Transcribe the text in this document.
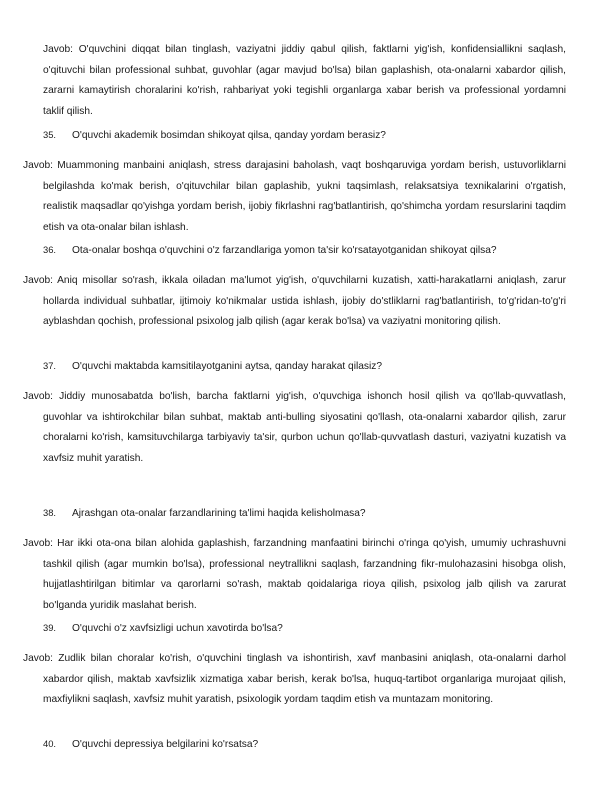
Javob: O'quvchini diqqat bilan tinglash, vaziyatni jiddiy qabul qilish, faktlarni yig'ish, konfidensiallikni saqlash, o'qituvchi bilan professional suhbat, guvohlar (agar mavjud bo'lsa) bilan gaplashish, ota-onalarni xabardor qilish, zararni kamaytirish choralarini ko'rish, rahbariyat yoki tegishli organlarga xabar berish va professional yordamni taklif qilish.
35. O'quvchi akademik bosimdan shikoyat qilsa, qanday yordam berasiz?
Javob: Muammoning manbaini aniqlash, stress darajasini baholash, vaqt boshqaruviga yordam berish, ustuvorliklarni belgilashda ko'mak berish, o'qituvchilar bilan gaplashib, yukni taqsimlash, relaksatsiya texnikalarini o'rgatish, realistik maqsadlar qo'yishga yordam berish, ijobiy fikrlashni rag'batlantirish, qo'shimcha yordam resurslarini taqdim etish va ota-onalar bilan ishlash.
36. Ota-onalar boshqa o'quvchini o'z farzandlariga yomon ta'sir ko'rsatayotganidan shikoyat qilsa?
Javob: Aniq misollar so'rash, ikkala oiladan ma'lumot yig'ish, o'quvchilarni kuzatish, xatti-harakatlarni aniqlash, zarur hollarda individual suhbatlar, ijtimoiy ko'nikmalar ustida ishlash, ijobiy do'stliklarni rag'batlantirish, to'g'ridan-to'g'ri ayblashdan qochish, professional psixolog jalb qilish (agar kerak bo'lsa) va vaziyatni monitoring qilish.
37. O'quvchi maktabda kamsitilayotganini aytsa, qanday harakat qilasiz?
Javob: Jiddiy munosabatda bo'lish, barcha faktlarni yig'ish, o'quvchiga ishonch hosil qilish va qo'llab-quvvatlash, guvohlar va ishtirokchilar bilan suhbat, maktab anti-bulling siyosatini qo'llash, ota-onalarni xabardor qilish, zarur choralarni ko'rish, kamsituvchilarga tarbiyaviy ta'sir, qurbon uchun qo'llab-quvvatlash dasturi, vaziyatni kuzatish va xavfsiz muhit yaratish.
38. Ajrashgan ota-onalar farzandlarining ta'limi haqida kelisholmasa?
Javob: Har ikki ota-ona bilan alohida gaplashish, farzandning manfaatini birinchi o'ringa qo'yish, umumiy uchrashuvni tashkil qilish (agar mumkin bo'lsa), professional neytrallikni saqlash, farzandning fikr-mulohazasini hisobga olish, hujjatlashtirilgan bitimlar va qarorlarni so'rash, maktab qoidalariga rioya qilish, psixolog jalb qilish va zarurat bo'lganda yuridik maslahat berish.
39. O'quvchi o'z xavfsizligi uchun xavotirda bo'lsa?
Javob: Zudlik bilan choralar ko'rish, o'quvchini tinglash va ishontirish, xavf manbasini aniqlash, ota-onalarni darhol xabardor qilish, maktab xavfsizlik xizmatiga xabar berish, kerak bo'lsa, huquq-tartibot organlariga murojaat qilish, maxfiylikni saqlash, xavfsiz muhit yaratish, psixologik yordam taqdim etish va muntazam monitoring.
40. O'quvchi depressiya belgilarini ko'rsatsa?
